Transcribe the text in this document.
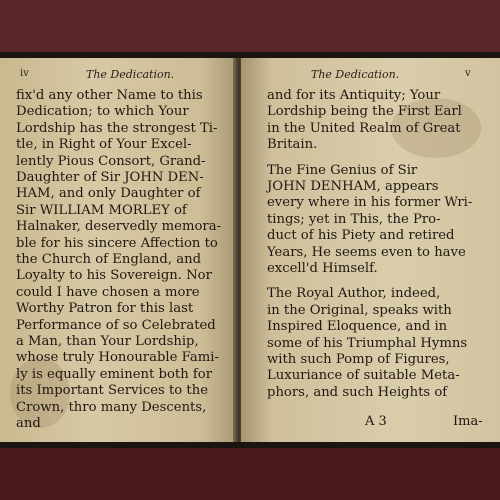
iv	The Dedication.
fix'd any other Name to this
Dedication; to which Your
Lordship has the strongest Ti-
tle, in Right of Your Excel-
lently Pious Consort, Grand-
Daughter of Sir JOHN DEN-
HAM, and only Daughter of
Sir WILLIAM MORLEY of
Halnaker, deservedly memora-
ble for his sincere Affection to
the Church of England, and
Loyalty to his Sovereign. Nor
could I have chosen a more
Worthy Patron for this last
Performance of so Celebrated
a Man, than Your Lordship,
whose truly Honourable Fami-
ly is equally eminent both for
its Important Services to the
Crown, thro many Descents,
and
The Dedication.	v
and for its Antiquity; Your
Lordship being the First Earl
in the United Realm of Great
Britain.
The Fine Genius of Sir
JOHN DENHAM, appears
every where in his former Wri-
tings; yet in This, the Pro-
duct of his Piety and retired
Years, He seems even to have
excell'd Himself.
The Royal Author, indeed,
in the Original, speaks with
Inspired Eloquence, and in
some of his Triumphal Hymns
with such Pomp of Figures,
Luxuriance of suitable Meta-
phors, and such Heights of
A 3	Ima-
